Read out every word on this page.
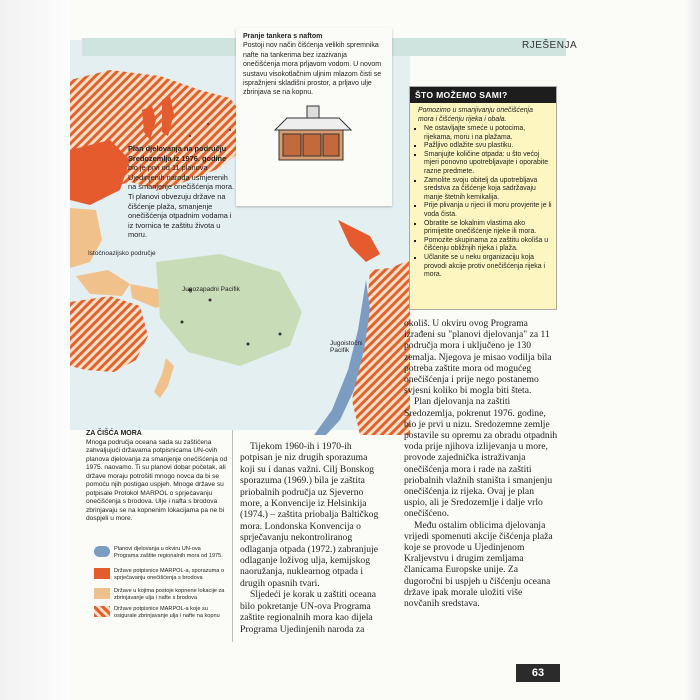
RJEŠENJA
Plan djelovanja na području Sredozemlja iz 1976. godine bio je prvi od 11 planova Ujedinjenih naroda usmjerenih na smanjenje onečišćenja mora. Ti planovi obvezuju države na čišćenje plaža, smanjenje onečišćenja otpadnim vodama i iz tvornica te zaštitu života u moru.
Istočnoazijsko područje
Jugozapadni Pacifik
Jugoistočni Pacifik
Pranje tankera s naftom
Postoji nov način čišćenja velikih spremnika nafte na tankerima bez izazivanja onečišćenja mora prljavom vodom. U novom sustavu visokotlačnim uljnim mlazom čisti se ispražnjeni skladišni prostor, a prljavo ulje zbrinjava se na kopnu.	ŠTO MOŽEMO SAMI?
Pomozimo u smanjivanju onečišćenja mora i čišćenju rijeka i obala.
▪ Ne ostavljajte smeće u potocima, rijekama, moru i na plažama.
▪ Pažljivo odlažite svu plastiku.
▪ Smanjujte količine otpada: u što većoj mjeri ponovno upotrebljavajte i oporabite razne predmete.
▪ Zamolite svoju obitelj da upotreblјava sredstva za čišćenje koja sadržavaju manje štetnih kemikalija.
▪ Prije plivanja u rijeci ili moru provjerite je li voda čista.
▪ Obratite se lokalnim vlastima ako primijetite onečišćenje rijeke ili mora.
▪ Pomozite skupinama za zaštitu okoliša u čišćenju obližnjih rijeka i plaža.
▪ Učlanite se u neku organizaciju koja provodi akcije protiv onečišćenja rijeka i mora.
ZA ČIŠĆA MORA
Mnoga područja oceana sada su zaštićena zahvaljujući državama potpisnicama UN-ovih planova djelovanja za smanjenje onečišćenja od 1975. naovamo. Ti su planovi dobar početak, ali države moraju potrošiti mnogo novca da bi se pomoću njih postigao uspjeh. Mnoge države su potpisale Protokol MARPOL o sprječavanju onečišćenja s brodova. Ulje i nafta s brodova zbrinjavaju se na kopnenim lokacijama pa ne bi dospjeli u more.
Planovi djelovanja u okviru UN-ova Programa zaštite regionalnih mora od 1975.
Države potpisnice MARPOL-a, sporazuma o sprječavanju onečišćenja s brodova
Države u kojima postoje kopnene lokacije za zbrinjavanje ulja i nafte s brodova
Države potpisnice MARPOL-a koje su osigurale zbrinjavanje ulja i nafte na kopnu

Tijekom 1960-ih i 1970-ih potpisan je niz drugih sporazuma koji su i danas važni. Cilj Bonskog sporazuma (1969.) bila je zaštita priobalnih područja uz Sjeverno more, a Konvencije iz Helsinkija (1974.) – zaštita priobalja Baltičkog mora. Londonska Konvencija o sprječavanju nekontroliranog odlaganja otpada (1972.) zabranjuje odlaganje loživog ulja, kemijskog naoružanja, nuklearnog otpada i drugih opasnih tvari.

Sljedeći je korak u zaštiti oceana bilo pokretanje UN-ova Programa zaštite regionalnih mora kao dijela Programa Ujedinjenih naroda za

okoliš. U okviru ovog Programa izrađeni su "planovi djelovanja" za 11 područja mora i uključeno je 130 zemalja. Njegova je misao vodilja bila potreba zaštite mora od mogućeg onečišćenja i prije nego postanemo svjesni koliko bi mogla biti šteta.

Plan djelovanja na zaštiti Sredozemlja, pokrenut 1976. godine, bio je prvi u nizu. Sredozemne zemlje postavile su opremu za obradu otpadnih voda prije njihova izlijevanja u more, provode zajednička istraživanja onečišćenja mora i rade na zaštiti priobalnih vlažnih staništa i smanjenju onečišćenja iz rijeka. Ovaj je plan uspio, ali je Sredozemlje i dalje vrlo onečišćeno.

Među ostalim oblicima djelovanja vrijedi spomenuti akcije čišćenja plaža koje se provode u Ujedinjenom Kraljevstvu i drugim zemljama članicama Europske unije. Za dugoročni bi uspjeh u čišćenju oceana države ipak morale uložiti više novčanih sredstava.

63
